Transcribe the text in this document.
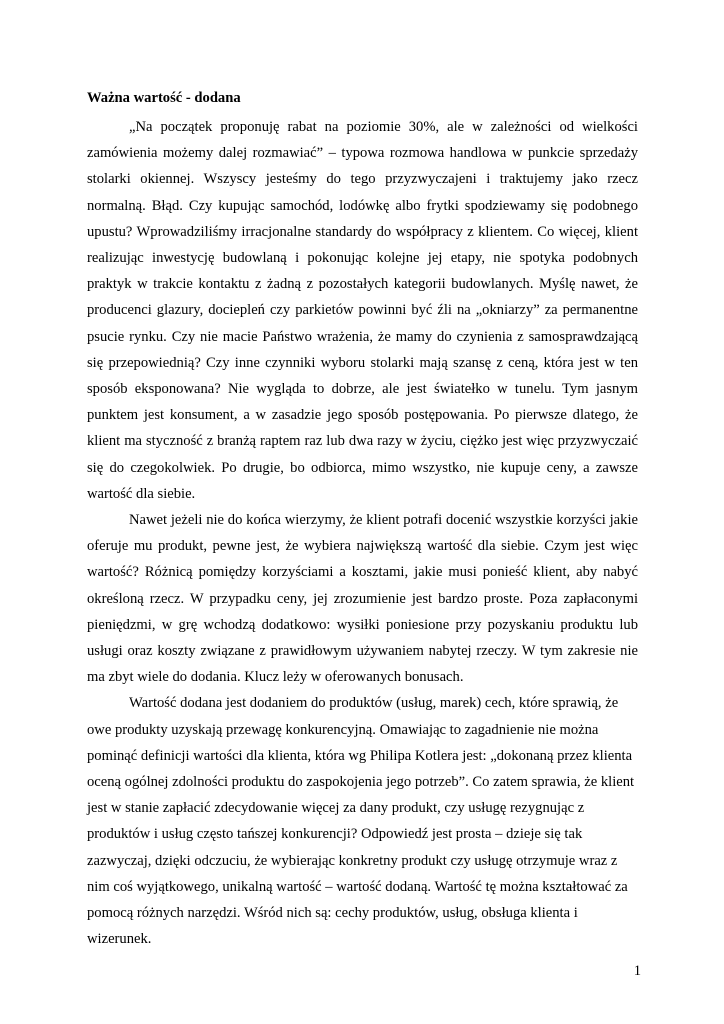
Ważna wartość - dodana

„Na początek proponuję rabat na poziomie 30%, ale w zależności od wielkości zamówienia możemy dalej rozmawiać” – typowa rozmowa handlowa w punkcie sprzedaży stolarki okiennej. Wszyscy jesteśmy do tego przyzwyczajeni i traktujemy jako rzecz normalną. Błąd. Czy kupując samochód, lodówkę albo frytki spodziewamy się podobnego upustu? Wprowadziliśmy irracjonalne standardy do współpracy z klientem. Co więcej, klient realizując inwestycję budowlaną i pokonując kolejne jej etapy, nie spotyka podobnych praktyk w trakcie kontaktu z żadną z pozostałych kategorii budowlanych. Myślę nawet, że producenci glazury, dociepleń czy parkietów powinni być źli na „okniarzy” za permanentne psucie rynku. Czy nie macie Państwo wrażenia, że mamy do czynienia z samosprawdzającą się przepowiednią? Czy inne czynniki wyboru stolarki mają szansę z ceną, która jest w ten sposób eksponowana? Nie wygląda to dobrze, ale jest światełko w tunelu. Tym jasnym punktem jest konsument, a w zasadzie jego sposób postępowania. Po pierwsze dlatego, że klient ma styczność z branżą raptem raz lub dwa razy w życiu, ciężko jest więc przyzwyczaić się do czegokolwiek. Po drugie, bo odbiorca, mimo wszystko, nie kupuje ceny, a zawsze wartość dla siebie.

Nawet jeżeli nie do końca wierzymy, że klient potrafi docenić wszystkie korzyści jakie oferuje mu produkt, pewne jest, że wybiera największą wartość dla siebie. Czym jest więc wartość? Różnicą pomiędzy korzyściami a kosztami, jakie musi ponieść klient, aby nabyć określoną rzecz. W przypadku ceny, jej zrozumienie jest bardzo proste. Poza zapłaconymi pieniędzmi, w grę wchodzą dodatkowo: wysiłki poniesione przy pozyskaniu produktu lub usługi oraz koszty związane z prawidłowym używaniem nabytej rzeczy. W tym zakresie nie ma zbyt wiele do dodania. Klucz leży w oferowanych bonusach.

Wartość dodana jest dodaniem do produktów (usług, marek) cech, które sprawią, że owe produkty uzyskają przewagę konkurencyjną. Omawiając to zagadnienie nie można pominąć definicji wartości dla klienta, która wg Philipa Kotlera jest: „dokonaną przez klienta oceną ogólnej zdolności produktu do zaspokojenia jego potrzeb”. Co zatem sprawia, że klient jest w stanie zapłacić zdecydowanie więcej za dany produkt, czy usługę rezygnując z produktów i usług często tańszej konkurencji? Odpowiedź jest prosta – dzieje się tak zazwyczaj, dzięki odczuciu, że wybierając konkretny produkt czy usługę otrzymuje wraz z nim coś wyjątkowego, unikalną wartość – wartość dodaną. Wartość tę można kształtować za pomocą różnych narzędzi. Wśród nich są: cechy produktów, usług, obsługa klienta i wizerunek.

1
